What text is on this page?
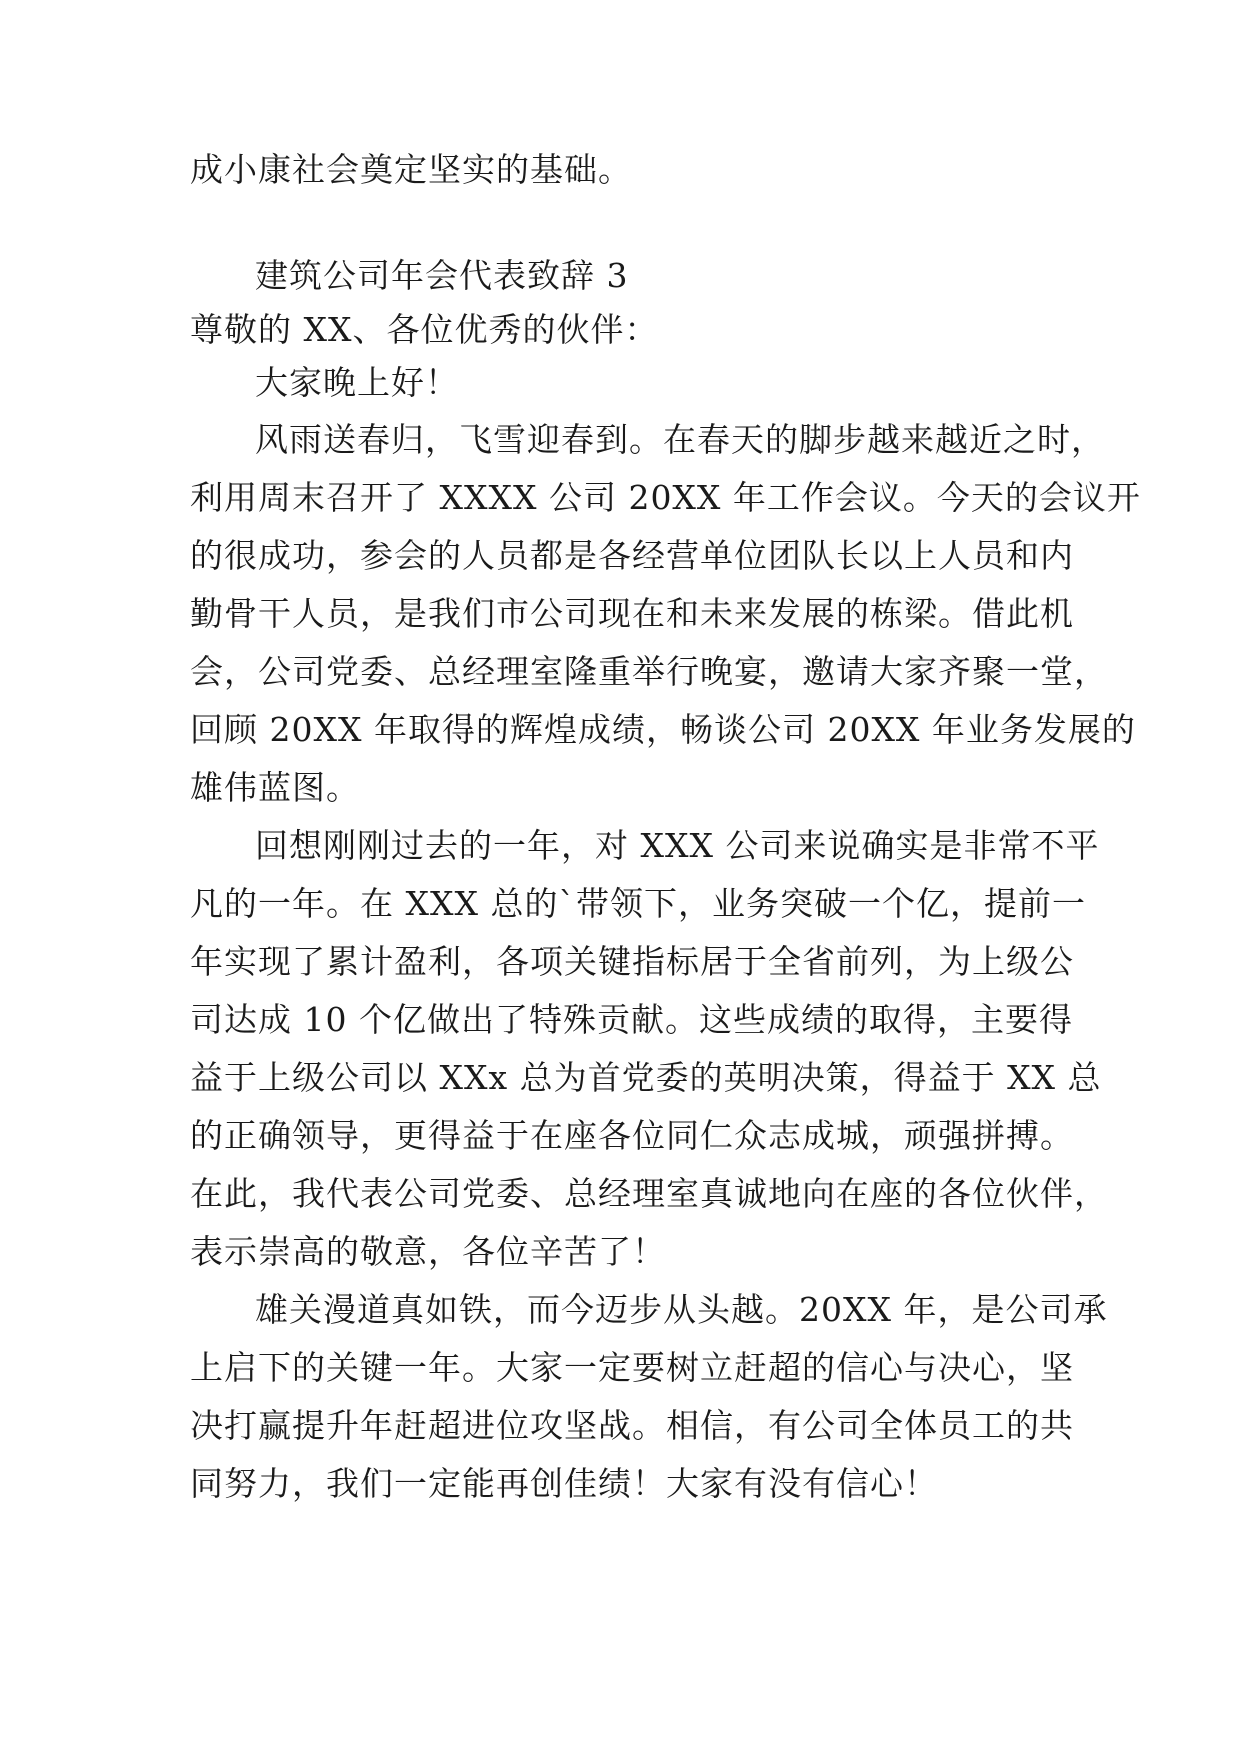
成小康社会奠定坚实的基础。
建筑公司年会代表致辞 3
尊敬的 XX、各位优秀的伙伴：
大家晚上好！
风雨送春归，飞雪迎春到。在春天的脚步越来越近之时，
利用周末召开了 XXXX 公司 20XX 年工作会议。今天的会议开
的很成功，参会的人员都是各经营单位团队长以上人员和内
勤骨干人员，是我们市公司现在和未来发展的栋梁。借此机
会，公司党委、总经理室隆重举行晚宴，邀请大家齐聚一堂，
回顾 20XX 年取得的辉煌成绩，畅谈公司 20XX 年业务发展的
雄伟蓝图。
回想刚刚过去的一年，对 XXX 公司来说确实是非常不平
凡的一年。在 XXX 总的`带领下，业务突破一个亿，提前一
年实现了累计盈利，各项关键指标居于全省前列，为上级公
司达成 10 个亿做出了特殊贡献。这些成绩的取得，主要得
益于上级公司以 XXx 总为首党委的英明决策，得益于 XX 总
的正确领导，更得益于在座各位同仁众志成城，顽强拼搏。
在此，我代表公司党委、总经理室真诚地向在座的各位伙伴，
表示崇高的敬意，各位辛苦了！
雄关漫道真如铁，而今迈步从头越。20XX 年，是公司承
上启下的关键一年。大家一定要树立赶超的信心与决心，坚
决打赢提升年赶超进位攻坚战。相信，有公司全体员工的共
同努力，我们一定能再创佳绩！大家有没有信心！
